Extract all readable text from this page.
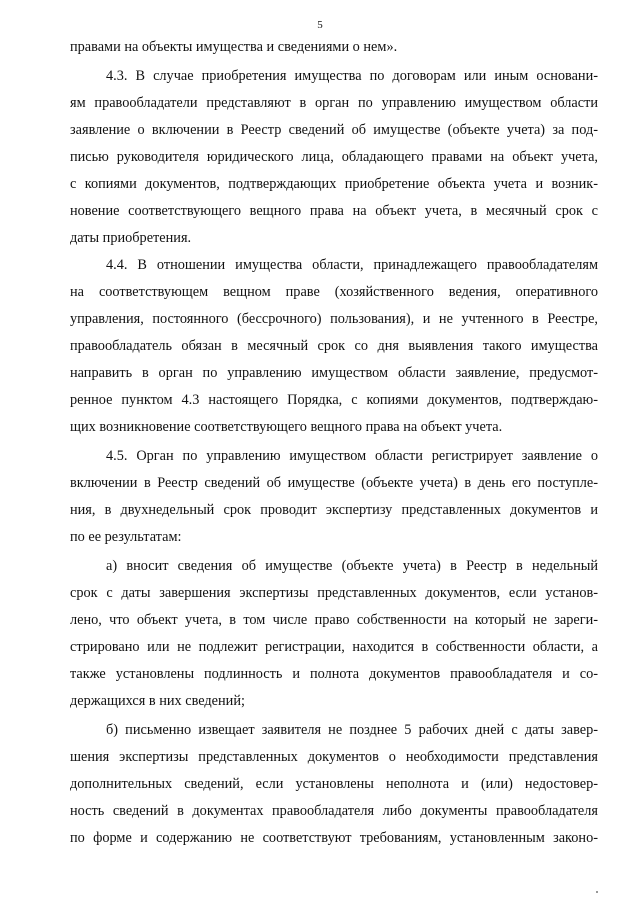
5
правами на объекты имущества и сведениями о нем».
4.3. В случае приобретения имущества по договорам или иным основани-
ям правообладатели представляют в орган по управлению имуществом области
заявление о включении в Реестр сведений об имуществе (объекте учета) за под-
писью руководителя юридического лица, обладающего правами на объект учета,
с копиями документов, подтверждающих приобретение объекта учета и возник-
новение соответствующего вещного права на объект учета, в месячный срок с
даты приобретения.
4.4. В отношении имущества области, принадлежащего правообладателям
на соответствующем вещном праве (хозяйственного ведения, оперативного
управления, постоянного (бессрочного) пользования), и не учтенного в Реестре,
правообладатель обязан в месячный срок со дня выявления такого имущества
направить в орган по управлению имуществом области заявление, предусмот-
ренное пунктом 4.3 настоящего Порядка, с копиями документов, подтверждаю-
щих возникновение соответствующего вещного права на объект учета.
4.5. Орган по управлению имуществом области регистрирует заявление о
включении в Реестр сведений об имуществе (объекте учета) в день его поступле-
ния, в двухнедельный срок проводит экспертизу представленных документов и
по ее результатам:
а) вносит сведения об имуществе (объекте учета) в Реестр в недельный
срок с даты завершения экспертизы представленных документов, если установ-
лено, что объект учета, в том числе право собственности на который не зареги-
стрировано или не подлежит регистрации, находится в собственности области, а
также установлены подлинность и полнота документов правообладателя и со-
держащихся в них сведений;
б) письменно извещает заявителя не позднее 5 рабочих дней с даты завер-
шения экспертизы представленных документов о необходимости представления
дополнительных сведений, если установлены неполнота и (или) недостовер-
ность сведений в документах правообладателя либо документы правообладателя
по форме и содержанию не соответствуют требованиям, установленным законо-
